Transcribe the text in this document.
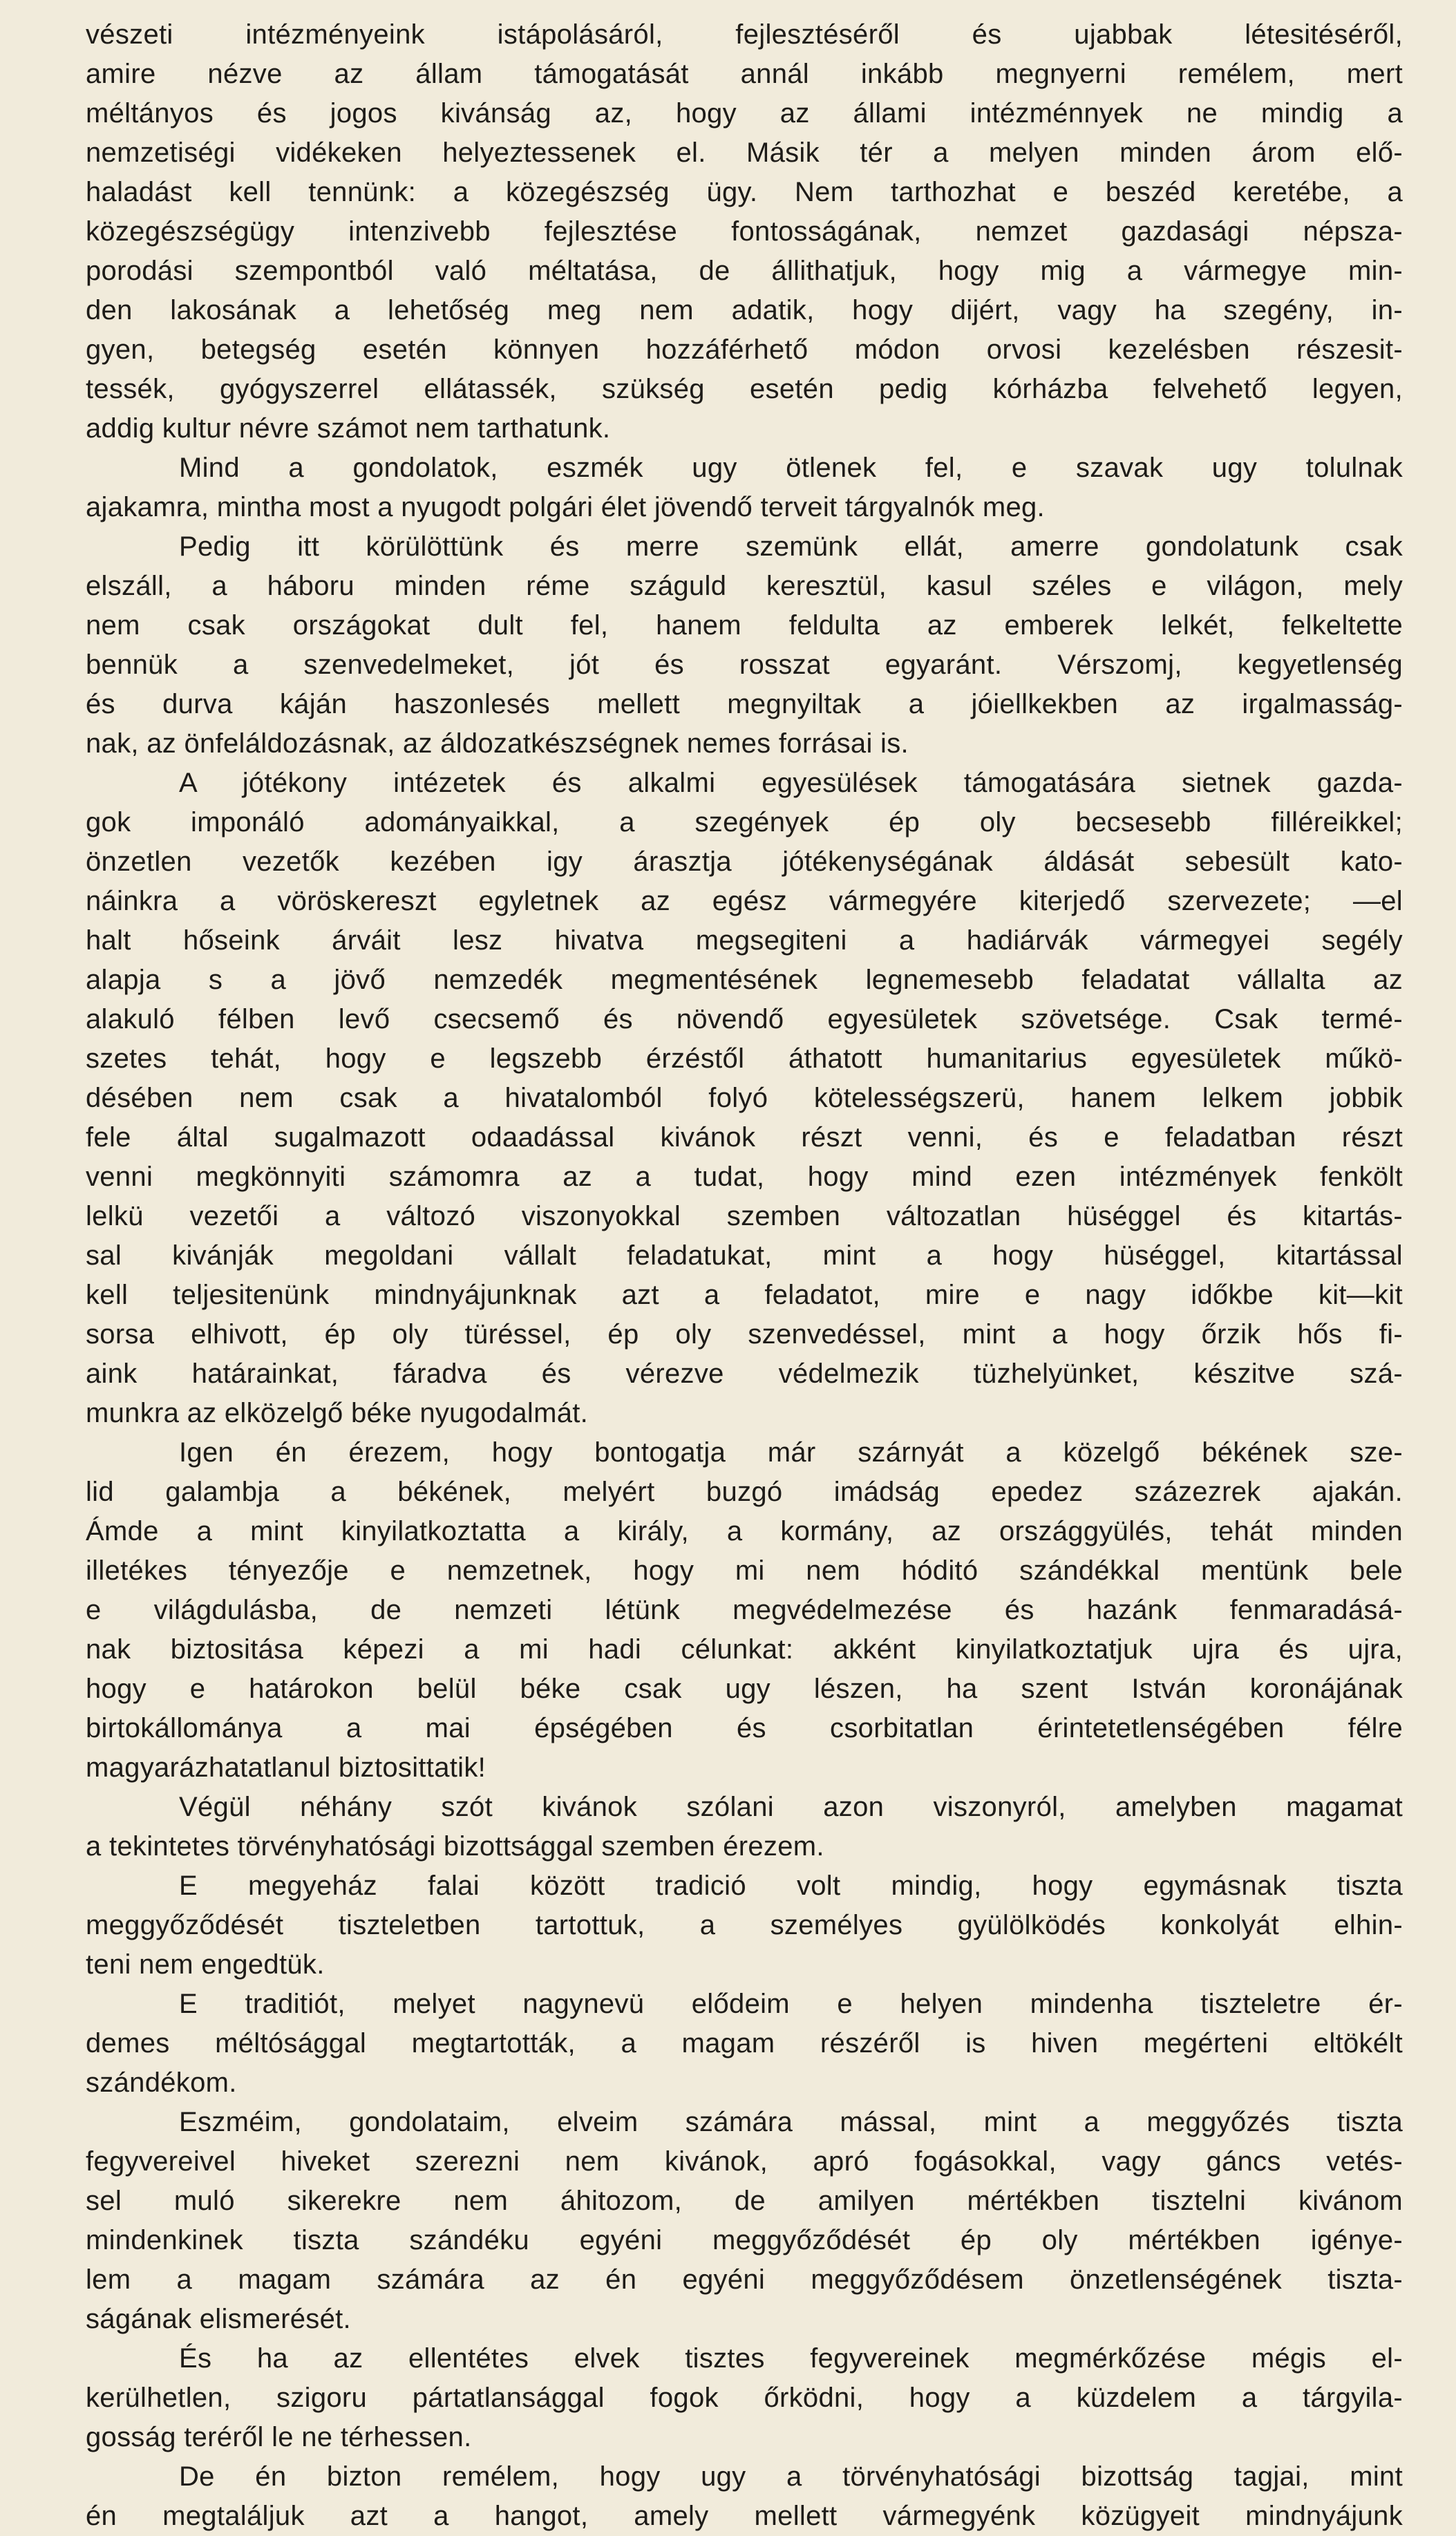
vészeti intézményeink istápolásáról, fejlesztéséről és ujabbak létesitéséről,
amire nézve az állam támogatását annál inkább megnyerni remélem, mert
méltányos és jogos kivánság az, hogy az állami intézménnyek ne mindig a
nemzetiségi vidékeken helyeztessenek el. Másik tér a melyen minden árom elő-
haladást kell tennünk: a közegészség ügy. Nem tarthozhat e beszéd keretébe, a
közegészségügy intenzivebb fejlesztése fontosságának, nemzet gazdasági népsza-
porodási szempontból való méltatása, de állithatjuk, hogy mig a vármegye min-
den lakosának a lehetőség meg nem adatik, hogy dijért, vagy ha szegény, in-
gyen, betegség esetén könnyen hozzáférhető módon orvosi kezelésben részesit-
tessék, gyógyszerrel ellátassék, szükség esetén pedig kórházba felvehető legyen,
addig kultur névre számot nem tarthatunk.
Mind a gondolatok, eszmék ugy ötlenek fel, e szavak ugy tolulnak
ajakamra, mintha most a nyugodt polgári élet jövendő terveit tárgyalnók meg.
Pedig itt körülöttünk és merre szemünk ellát, amerre gondolatunk csak
elszáll, a háboru minden réme száguld keresztül, kasul széles e világon, mely
nem csak országokat dult fel, hanem feldulta az emberek lelkét, felkeltette
bennük a szenvedelmeket, jót és rosszat egyaránt. Vérszomj, kegyetlenség
és durva káján haszonlesés mellett megnyiltak a jóiellkekben az irgalmasság-
nak, az önfeláldozásnak, az áldozatkészségnek nemes forrásai is.
A jótékony intézetek és alkalmi egyesülések támogatására sietnek gazda-
gok imponáló adományaikkal, a szegények ép oly becsesebb filléreikkel;
önzetlen vezetők kezében igy árasztja jótékenységának áldását sebesült kato-
náinkra a vöröskereszt egyletnek az egész vármegyére kiterjedő szervezete; —el
halt hőseink árváit lesz hivatva megsegiteni a hadiárvák vármegyei segély
alapja s a jövő nemzedék megmentésének legnemesebb feladatat vállalta az
alakuló félben levő csecsemő és növendő egyesületek szövetsége. Csak termé-
szetes tehát, hogy e legszebb érzéstől áthatott humanitarius egyesületek műkö-
désében nem csak a hivatalomból folyó kötelességszerü, hanem lelkem jobbik
fele által sugalmazott odaadással kivánok részt venni, és e feladatban részt
venni megkönnyiti számomra az a tudat, hogy mind ezen intézmények fenkölt
lelkü vezetői a változó viszonyokkal szemben változatlan hüséggel és kitartás-
sal kivánják megoldani vállalt feladatukat, mint a hogy hüséggel, kitartással
kell teljesitenünk mindnyájunknak azt a feladatot, mire e nagy időkbe kit—kit
sorsa elhivott, ép oly türéssel, ép oly szenvedéssel, mint a hogy őrzik hős fi-
aink határainkat, fáradva és vérezve védelmezik tüzhelyünket, készitve szá-
munkra az elközelgő béke nyugodalmát.
Igen én érezem, hogy bontogatja már szárnyát a közelgő békének sze-
lid galambja a békének, melyért buzgó imádság epedez százezrek ajakán.
Ámde a mint kinyilatkoztatta a király, a kormány, az országgyülés, tehát minden
illetékes tényezője e nemzetnek, hogy mi nem hóditó szándékkal mentünk bele
e világdulásba, de nemzeti létünk megvédelmezése és hazánk fenmaradásá-
nak biztositása képezi a mi hadi célunkat: akként kinyilatkoztatjuk ujra és ujra,
hogy e határokon belül béke csak ugy lészen, ha szent István koronájának
birtokállománya a mai épségében és csorbitatlan érintetetlenségében félre
magyarázhatatlanul biztosittatik!
Végül néhány szót kivánok szólani azon viszonyról, amelyben magamat
a tekintetes törvényhatósági bizottsággal szemben érezem.
E megyeház falai között tradició volt mindig, hogy egymásnak tiszta
meggyőződését tiszteletben tartottuk, a személyes gyülölködés konkolyát elhin-
teni nem engedtük.
E traditiót, melyet nagynevü elődeim e helyen mindenha tiszteletre ér-
demes méltósággal megtartották, a magam részéről is hiven megérteni eltökélt
szándékom.
Eszméim, gondolataim, elveim számára mással, mint a meggyőzés tiszta
fegyvereivel hiveket szerezni nem kivánok, apró fogásokkal, vagy gáncs vetés-
sel muló sikerekre nem áhitozom, de amilyen mértékben tisztelni kivánom
mindenkinek tiszta szándéku egyéni meggyőződését ép oly mértékben igénye-
lem a magam számára az én egyéni meggyőződésem önzetlenségének tiszta-
ságának elismerését.
És ha az ellentétes elvek tisztes fegyvereinek megmérkőzése mégis el-
kerülhetlen, szigoru pártatlansággal fogok őrködni, hogy a küzdelem a tárgyila-
gosság teréről le ne térhessen.
De én bizton remélem, hogy ugy a törvényhatósági bizottság tagjai, mint
én megtaláljuk azt a hangot, amely mellett vármegyénk közügyeit mindnyájunk
